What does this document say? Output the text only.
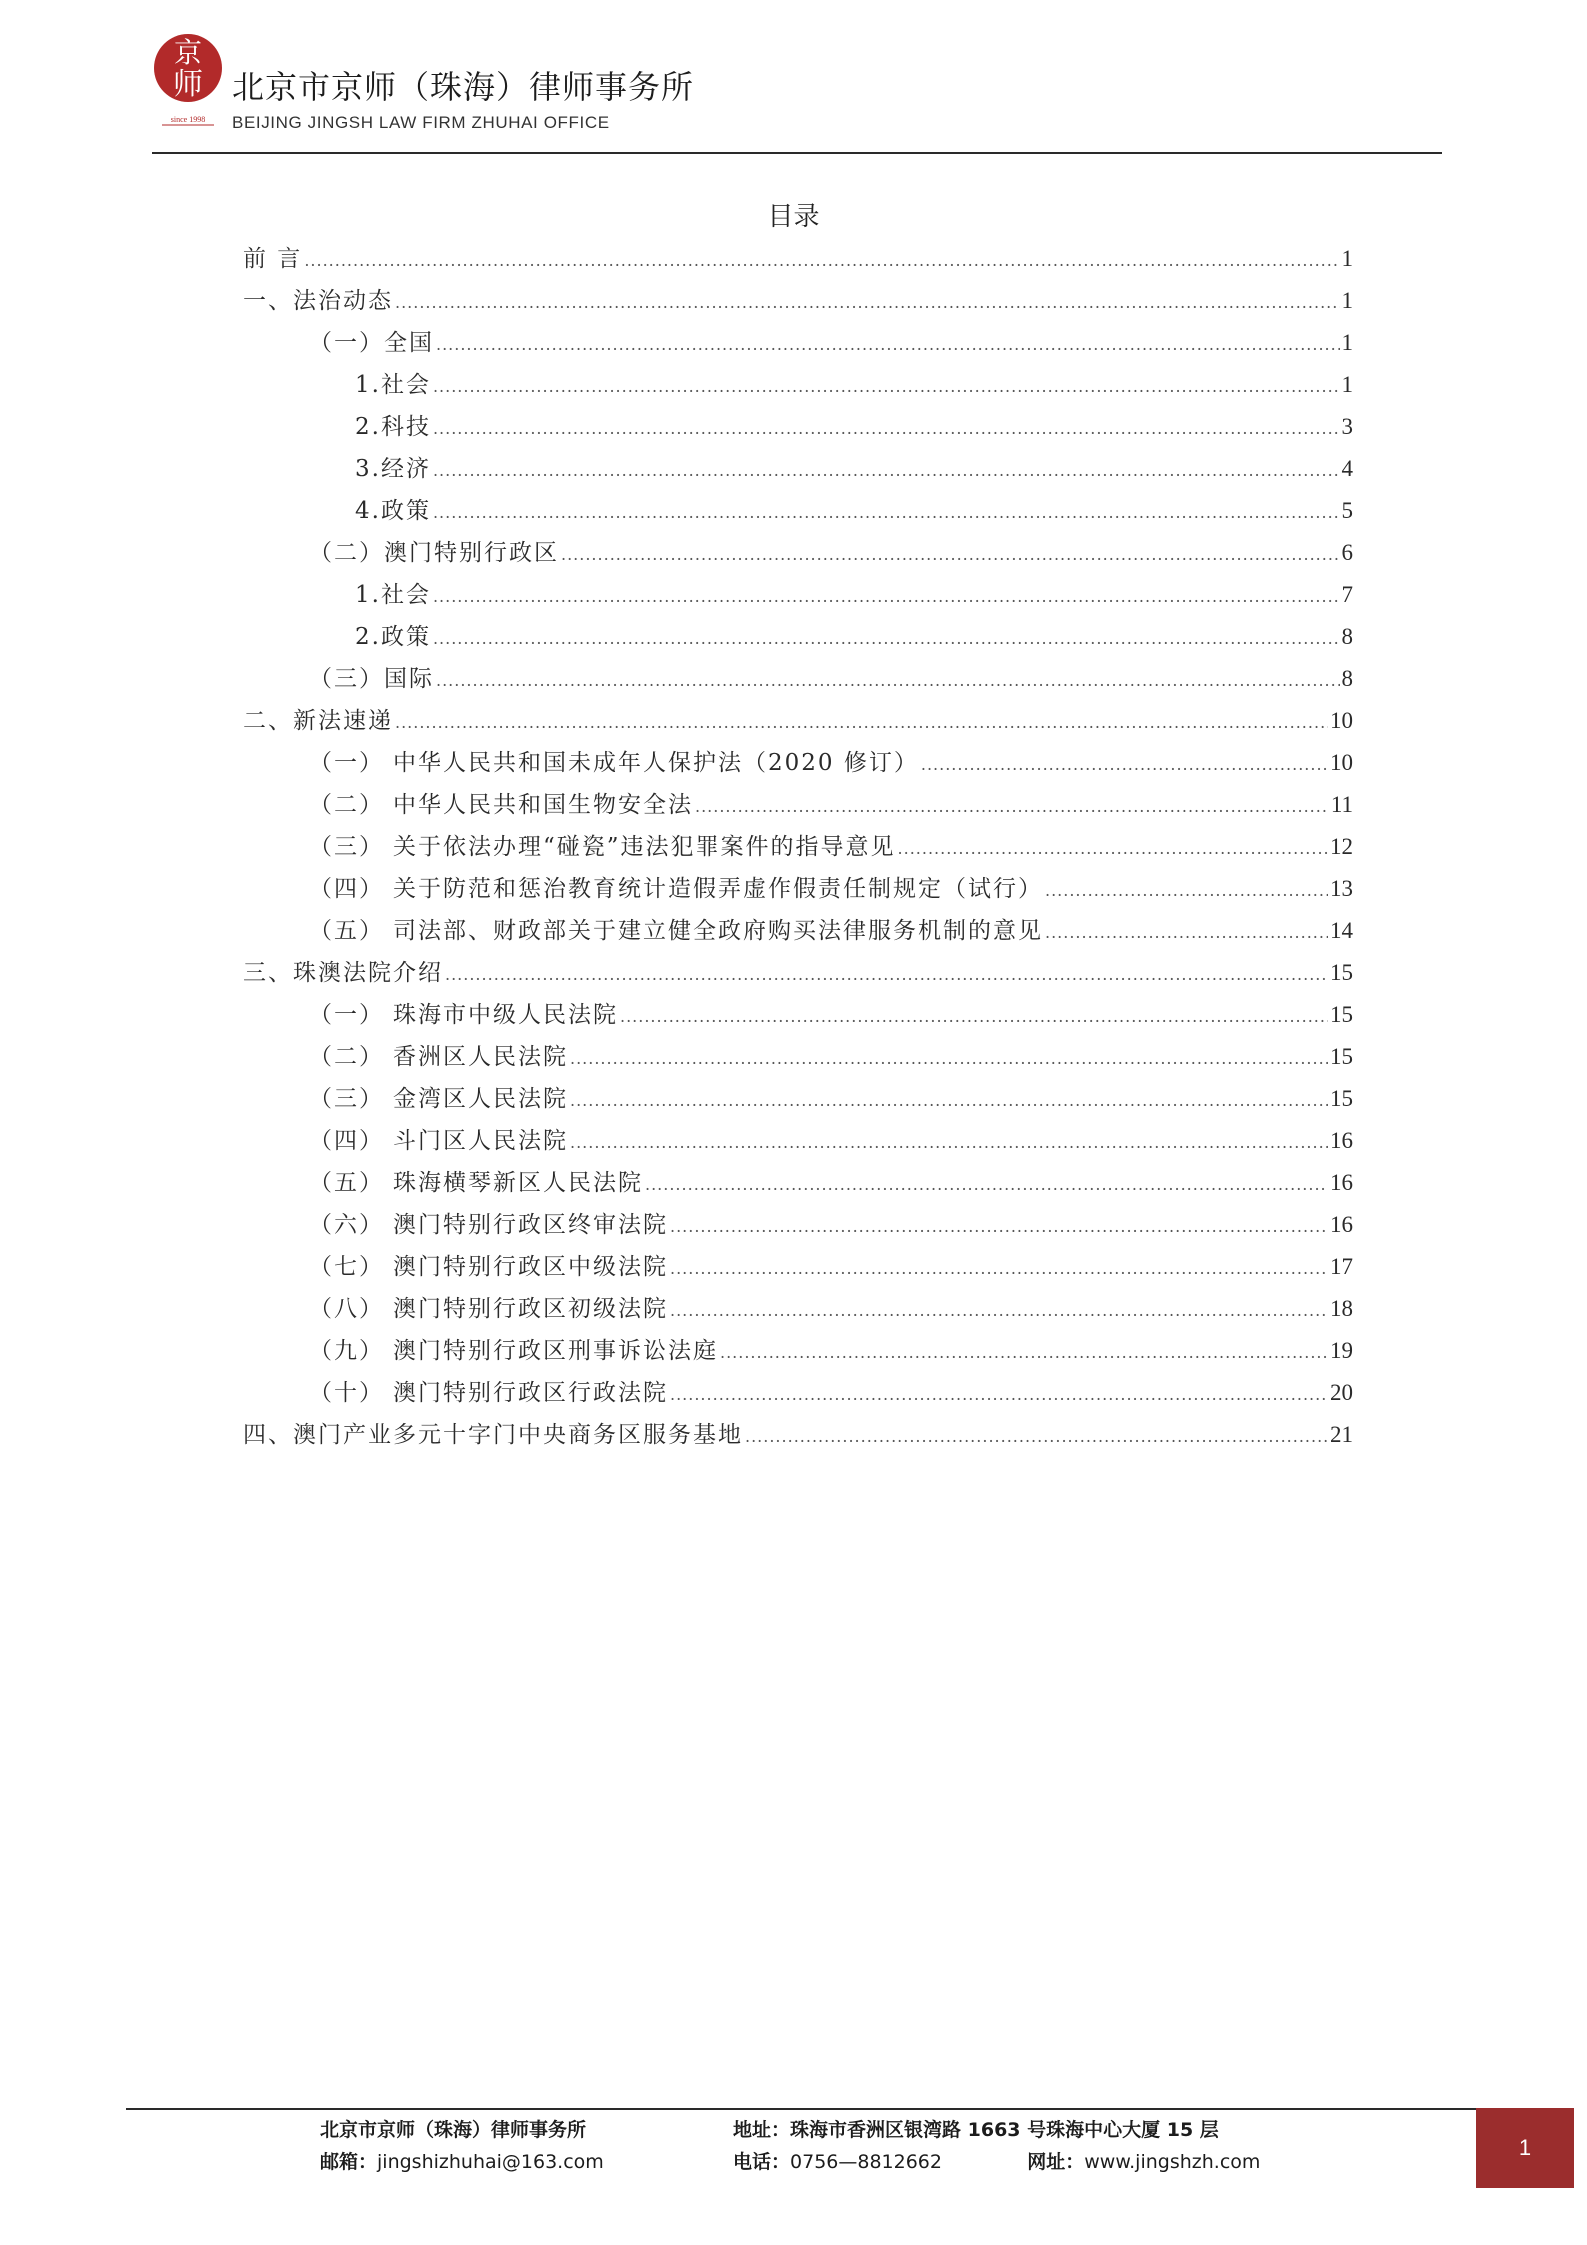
京
师
since 1998
北京市京师（珠海）律师事务所
BEIJING JINGSH LAW FIRM ZHUHAI OFFICE
目录
前 言 .....	1
一、法治动态 .....	1
（一）全国 .....	1
1.社会 .....	1
2.科技 .....	3
3.经济 .....	4
4.政策 .....	5
（二）澳门特别行政区 .....	6
1.社会 .....	7
2.政策 .....	8
（三）国际 .....	8
二、新法速递 .....	10
（一） 中华人民共和国未成年人保护法（2020 修订） .....	10
（二） 中华人民共和国生物安全法 .....	11
（三） 关于依法办理“碰瓷”违法犯罪案件的指导意见 .....	12
（四） 关于防范和惩治教育统计造假弄虚作假责任制规定（试行） .....	13
（五） 司法部、财政部关于建立健全政府购买法律服务机制的意见 .....	14
三、珠澳法院介绍 .....	15
（一） 珠海市中级人民法院 .....	15
（二） 香洲区人民法院 .....	15
（三） 金湾区人民法院 .....	15
（四） 斗门区人民法院 .....	16
（五） 珠海横琴新区人民法院 .....	16
（六） 澳门特别行政区终审法院 .....	16
（七） 澳门特别行政区中级法院 .....	17
（八） 澳门特别行政区初级法院 .....	18
（九） 澳门特别行政区刑事诉讼法庭 .....	19
（十） 澳门特别行政区行政法院 .....	20
四、澳门产业多元十字门中央商务区服务基地 .....	21
北京市京师（珠海）律师事务所
邮箱：jingshizhuhai@163.com
地址：珠海市香洲区银湾路 1663 号珠海中心大厦 15 层
电话：0756—8812662	网址：www.jingshzh.com
1
